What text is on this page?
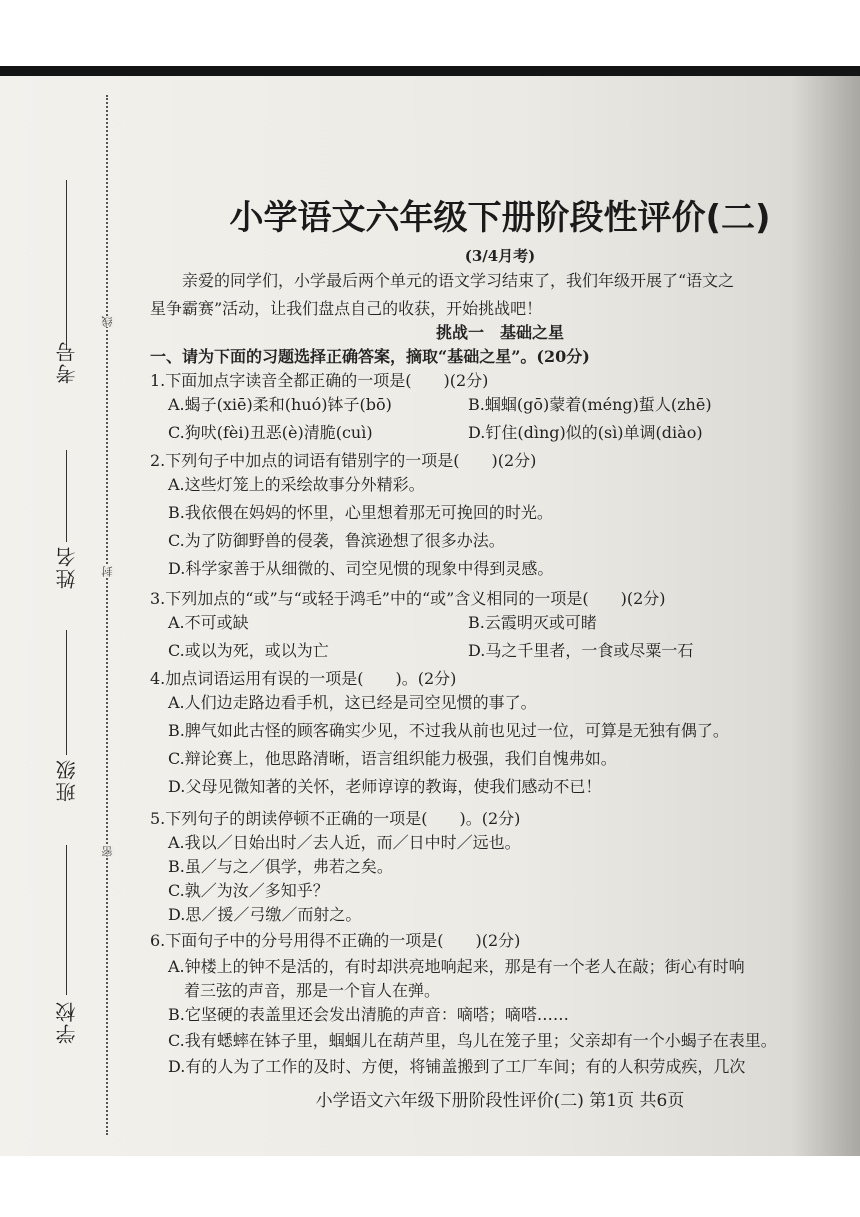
考号
姓名
班级
学校
线
封
密
小学语文六年级下册阶段性评价(二)
(3/4月考)
亲爱的同学们，小学最后两个单元的语文学习结束了，我们年级开展了“语文之
星争霸赛”活动，让我们盘点自己的收获，开始挑战吧！
挑战一　基础之星
一、请为下面的习题选择正确答案，摘取“基础之星”。(20分)
1.下面加点字读音全都正确的一项是(　　)(2分)
A.蝎子(xiē)柔和(huó)钵子(bō)	B.蝈蝈(gō)蒙着(méng)蜇人(zhē)
C.狗吠(fèi)丑恶(è)清脆(cuì)	D.钉住(dìng)似的(sì)单调(diào)
2.下列句子中加点的词语有错别字的一项是(　　)(2分)
A.这些灯笼上的采绘故事分外精彩。
B.我依偎在妈妈的怀里，心里想着那无可挽回的时光。
C.为了防御野兽的侵袭，鲁滨逊想了很多办法。
D.科学家善于从细微的、司空见惯的现象中得到灵感。
3.下列加点的“或”与“或轻于鸿毛”中的“或”含义相同的一项是(　　)(2分)
A.不可或缺	B.云霞明灭或可睹
C.或以为死，或以为亡	D.马之千里者，一食或尽粟一石
4.加点词语运用有误的一项是(　　)。(2分)
A.人们边走路边看手机，这已经是司空见惯的事了。
B.脾气如此古怪的顾客确实少见，不过我从前也见过一位，可算是无独有偶了。
C.辩论赛上，他思路清晰，语言组织能力极强，我们自愧弗如。
D.父母见微知著的关怀，老师谆谆的教诲，使我们感动不已！
5.下列句子的朗读停顿不正确的一项是(　　)。(2分)
A.我以／日始出时／去人近，而／日中时／远也。
B.虽／与之／俱学，弗若之矣。
C.孰／为汝／多知乎？
D.思／援／弓缴／而射之。
6.下面句子中的分号用得不正确的一项是(　　)(2分)
A.钟楼上的钟不是活的，有时却洪亮地响起来，那是有一个老人在敲；街心有时响
着三弦的声音，那是一个盲人在弹。
B.它坚硬的表盖里还会发出清脆的声音：嘀嗒；嘀嗒……
C.我有蟋蟀在钵子里，蝈蝈儿在葫芦里，鸟儿在笼子里；父亲却有一个小蝎子在表里。
D.有的人为了工作的及时、方便，将铺盖搬到了工厂车间；有的人积劳成疾，几次
小学语文六年级下册阶段性评价(二) 第1页 共6页
